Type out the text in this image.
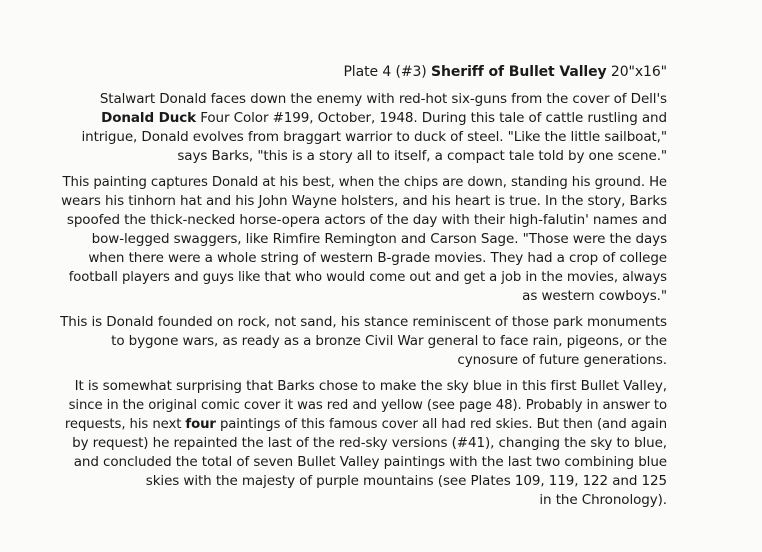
Plate 4 (#3) Sheriff of Bullet Valley 20"x16"
Stalwart Donald faces down the enemy with red-hot six-guns from the cover of Dell's
Donald Duck Four Color #199, October, 1948. During this tale of cattle rustling and
intrigue, Donald evolves from braggart warrior to duck of steel. "Like the little sailboat,"
says Barks, "this is a story all to itself, a compact tale told by one scene."
This painting captures Donald at his best, when the chips are down, standing his ground. He
wears his tinhorn hat and his John Wayne holsters, and his heart is true. In the story, Barks
spoofed the thick-necked horse-opera actors of the day with their high-falutin' names and
bow-legged swaggers, like Rimfire Remington and Carson Sage. "Those were the days
when there were a whole string of western B-grade movies. They had a crop of college
football players and guys like that who would come out and get a job in the movies, always
as western cowboys."
This is Donald founded on rock, not sand, his stance reminiscent of those park monuments
to bygone wars, as ready as a bronze Civil War general to face rain, pigeons, or the
cynosure of future generations.
It is somewhat surprising that Barks chose to make the sky blue in this first Bullet Valley,
since in the original comic cover it was red and yellow (see page 48). Probably in answer to
requests, his next four paintings of this famous cover all had red skies. But then (and again
by request) he repainted the last of the red-sky versions (#41), changing the sky to blue,
and concluded the total of seven Bullet Valley paintings with the last two combining blue
skies with the majesty of purple mountains (see Plates 109, 119, 122 and 125
in the Chronology).
